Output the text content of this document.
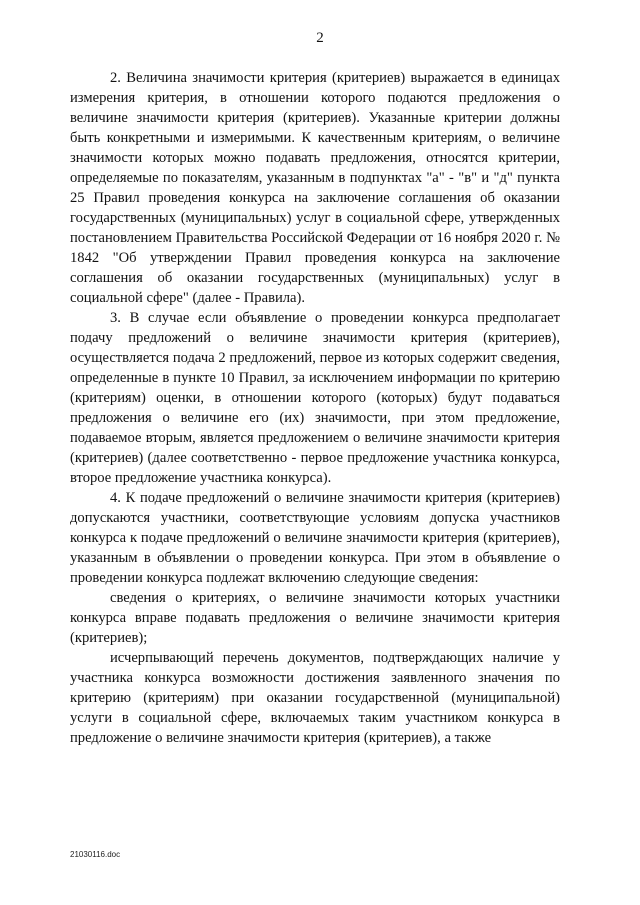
2

2. Величина значимости критерия (критериев) выражается в единицах измерения критерия, в отношении которого подаются предложения о величине значимости критерия (критериев). Указанные критерии должны быть конкретными и измеримыми. К качественным критериям, о величине значимости которых можно подавать предложения, относятся критерии, определяемые по показателям, указанным в подпунктах "а" - "в" и "д" пункта 25 Правил проведения конкурса на заключение соглашения об оказании государственных (муниципальных) услуг в социальной сфере, утвержденных постановлением Правительства Российской Федерации от 16 ноября 2020 г. № 1842 "Об утверждении Правил проведения конкурса на заключение соглашения об оказании государственных (муниципальных) услуг в социальной сфере" (далее - Правила).

3. В случае если объявление о проведении конкурса предполагает подачу предложений о величине значимости критерия (критериев), осуществляется подача 2 предложений, первое из которых содержит сведения, определенные в пункте 10 Правил, за исключением информации по критерию (критериям) оценки, в отношении которого (которых) будут подаваться предложения о величине его (их) значимости, при этом предложение, подаваемое вторым, является предложением о величине значимости критерия (критериев) (далее соответственно - первое предложение участника конкурса, второе предложение участника конкурса).

4. К подаче предложений о величине значимости критерия (критериев) допускаются участники, соответствующие условиям допуска участников конкурса к подаче предложений о величине значимости критерия (критериев), указанным в объявлении о проведении конкурса. При этом в объявление о проведении конкурса подлежат включению следующие сведения:

сведения о критериях, о величине значимости которых участники конкурса вправе подавать предложения о величине значимости критерия (критериев);

исчерпывающий перечень документов, подтверждающих наличие у участника конкурса возможности достижения заявленного значения по критерию (критериям) при оказании государственной (муниципальной) услуги в социальной сфере, включаемых таким участником конкурса в предложение о величине значимости критерия (критериев), а также

21030116.doc
